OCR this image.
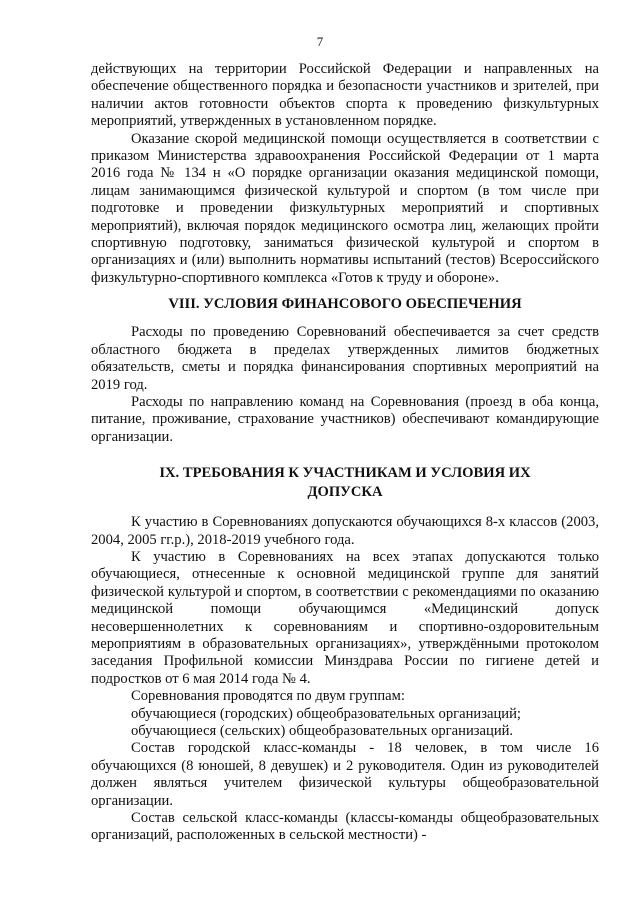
7

действующих на территории Российской Федерации и направленных на обеспечение общественного порядка и безопасности участников и зрителей, при наличии актов готовности объектов спорта к проведению физкультурных мероприятий, утвержденных в установленном порядке.

Оказание скорой медицинской помощи осуществляется в соответствии с приказом Министерства здравоохранения Российской Федерации от 1 марта 2016 года № 134 н «О порядке организации оказания медицинской помощи, лицам занимающимся физической культурой и спортом (в том числе при подготовке и проведении физкультурных мероприятий и спортивных мероприятий), включая порядок медицинского осмотра лиц, желающих пройти спортивную подготовку, заниматься физической культурой и спортом в организациях и (или) выполнить нормативы испытаний (тестов) Всероссийского физкультурно-спортивного комплекса «Готов к труду и обороне».

VIII. УСЛОВИЯ ФИНАНСОВОГО ОБЕСПЕЧЕНИЯ

Расходы по проведению Соревнований обеспечивается за счет средств областного бюджета в пределах утвержденных лимитов бюджетных обязательств, сметы и порядка финансирования спортивных мероприятий на 2019 год.

Расходы по направлению команд на Соревнования (проезд в оба конца, питание, проживание, страхование участников) обеспечивают командирующие организации.

IX. ТРЕБОВАНИЯ К УЧАСТНИКАМ И УСЛОВИЯ ИХ ДОПУСКА

К участию в Соревнованиях допускаются обучающихся 8-х классов (2003, 2004, 2005 гг.р.), 2018-2019 учебного года.

К участию в Соревнованиях на всех этапах допускаются только обучающиеся, отнесенные к основной медицинской группе для занятий физической культурой и спортом, в соответствии с рекомендациями по оказанию медицинской помощи обучающимся «Медицинский допуск несовершеннолетних к соревнованиям и спортивно-оздоровительным мероприятиям в образовательных организациях», утверждёнными протоколом заседания Профильной комиссии Минздрава России по гигиене детей и подростков от 6 мая 2014 года № 4.

Соревнования проводятся по двум группам:

обучающиеся (городских) общеобразовательных организаций;

обучающиеся (сельских) общеобразовательных организаций.

Состав городской класс-команды - 18 человек, в том числе 16 обучающихся (8 юношей, 8 девушек) и 2 руководителя. Один из руководителей должен являться учителем физической культуры общеобразовательной организации.

Состав сельской класс-команды (классы-команды общеобразовательных организаций, расположенных в сельской местности) -
